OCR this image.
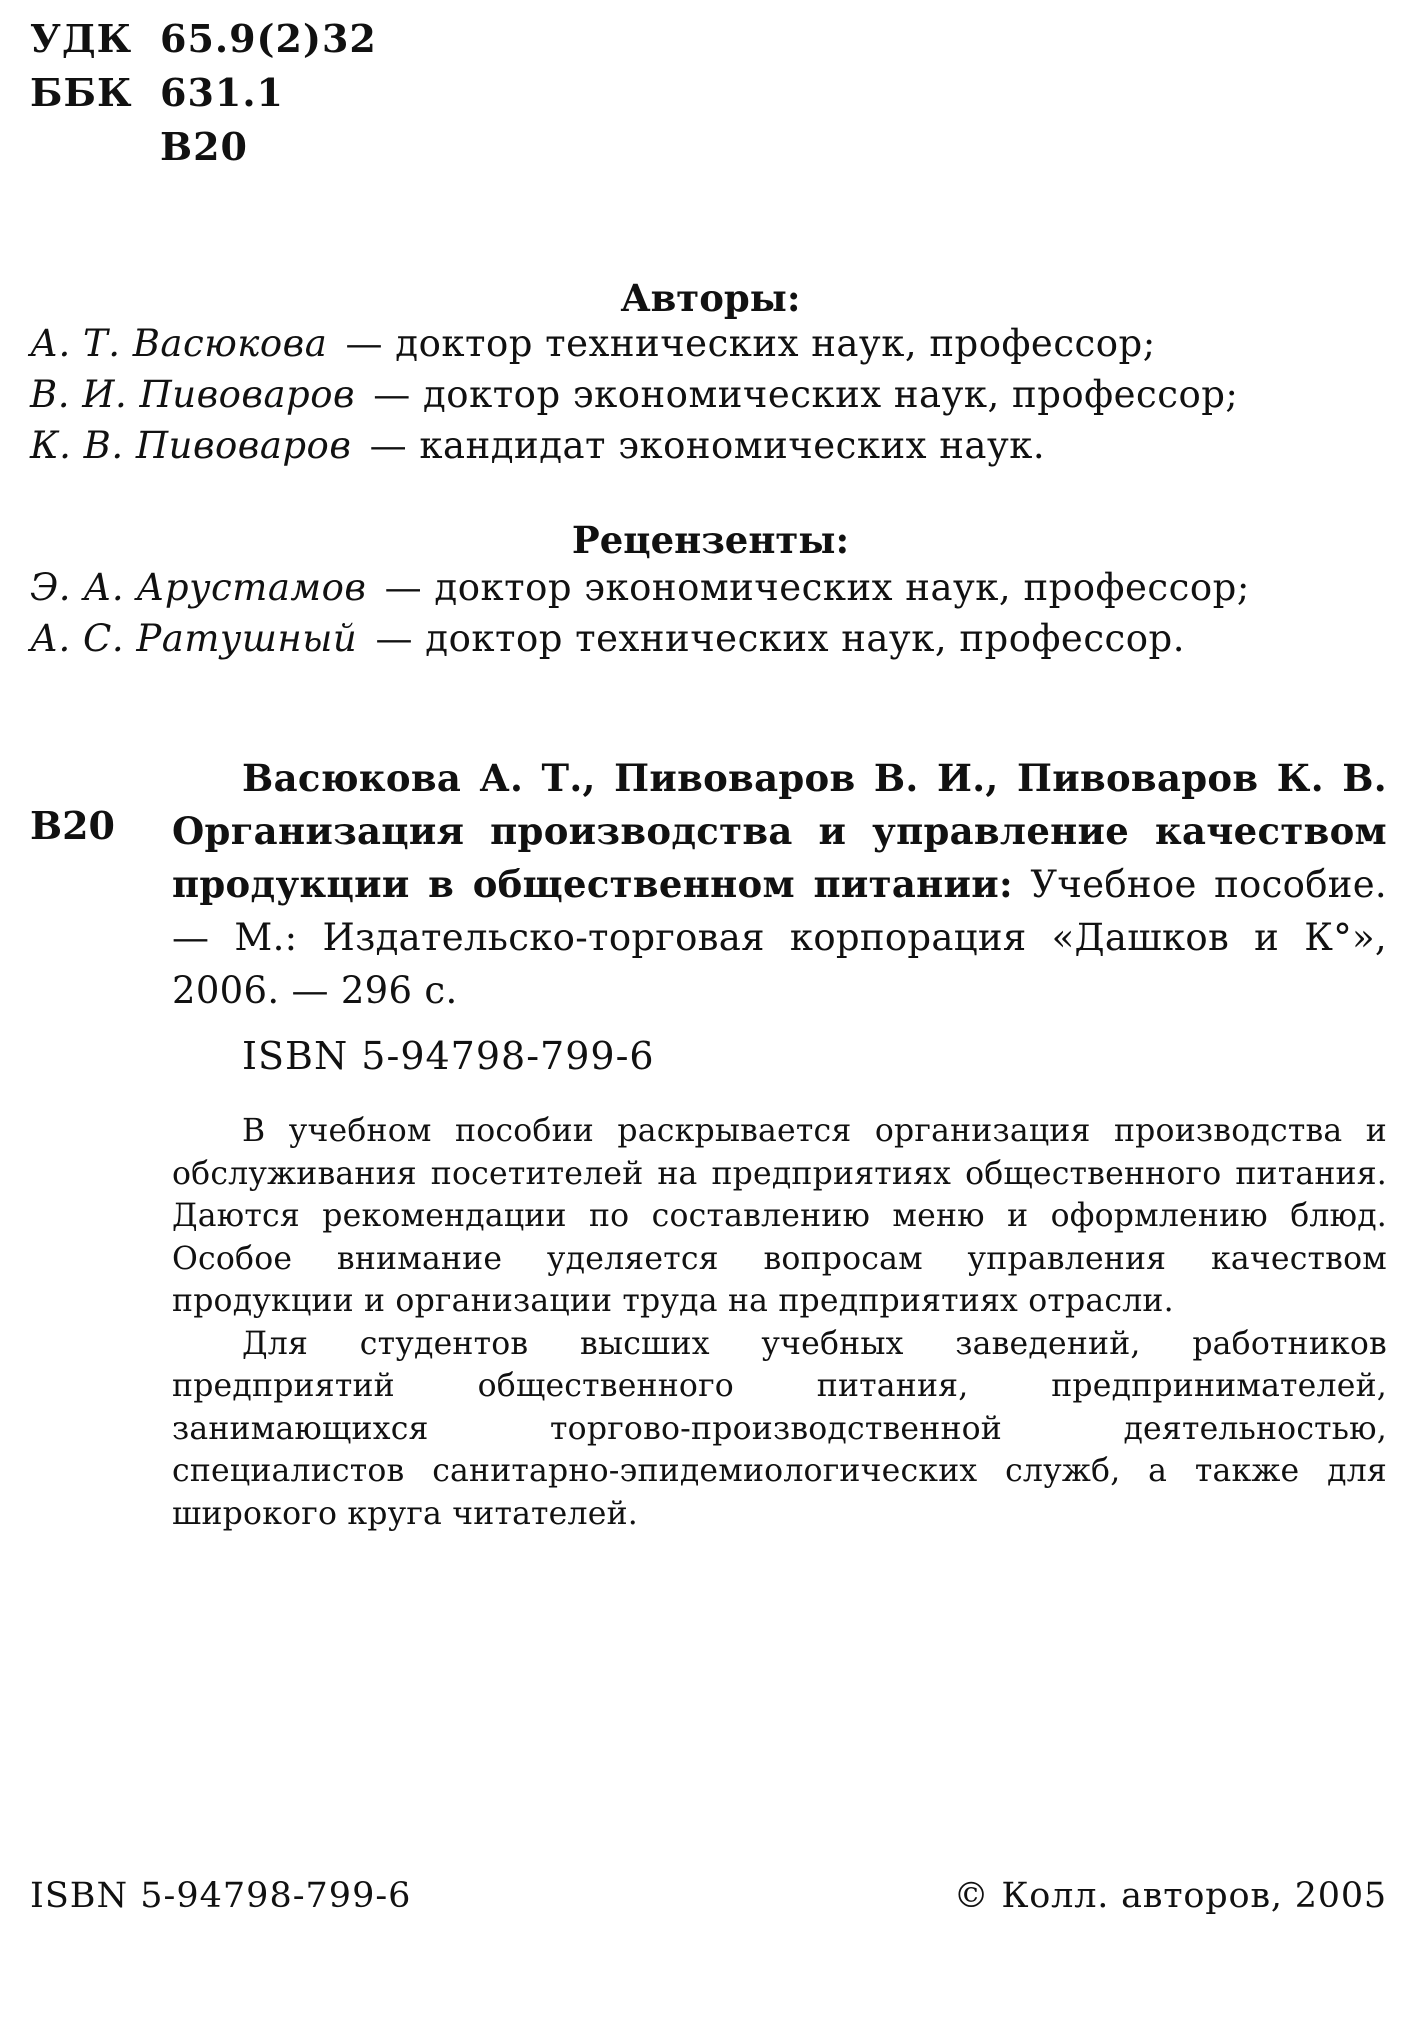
УДК 65.9(2)32
ББК 631.1
В20
Авторы:
А. Т. Васюкова — доктор технических наук, профессор;
В. И. Пивоваров — доктор экономических наук, профессор;
К. В. Пивоваров — кандидат экономических наук.
Рецензенты:
Э. А. Арустамов — доктор экономических наук, профессор;
А. С. Ратушный — доктор технических наук, профессор.
В20
Васюкова А. Т., Пивоваров В. И., Пивоваров К. В. Организация производства и управление качеством продукции в общественном питании: Учебное пособие. — М.: Издательско-торговая корпорация «Дашков и К°», 2006. — 296 с.
ISBN 5-94798-799-6

В учебном пособии раскрывается организация производства и обслуживания посетителей на предприятиях общественного питания. Даются рекомендации по составлению меню и оформлению блюд. Особое внимание уделяется вопросам управления качеством продукции и организации труда на предприятиях отрасли.

Для студентов высших учебных заведений, работников предприятий общественного питания, предпринимателей, занимающихся торгово-производственной деятельностью, специалистов санитарно-эпидемиологических служб, а также для широкого круга читателей.

ISBN 5-94798-799-6	© Колл. авторов, 2005
